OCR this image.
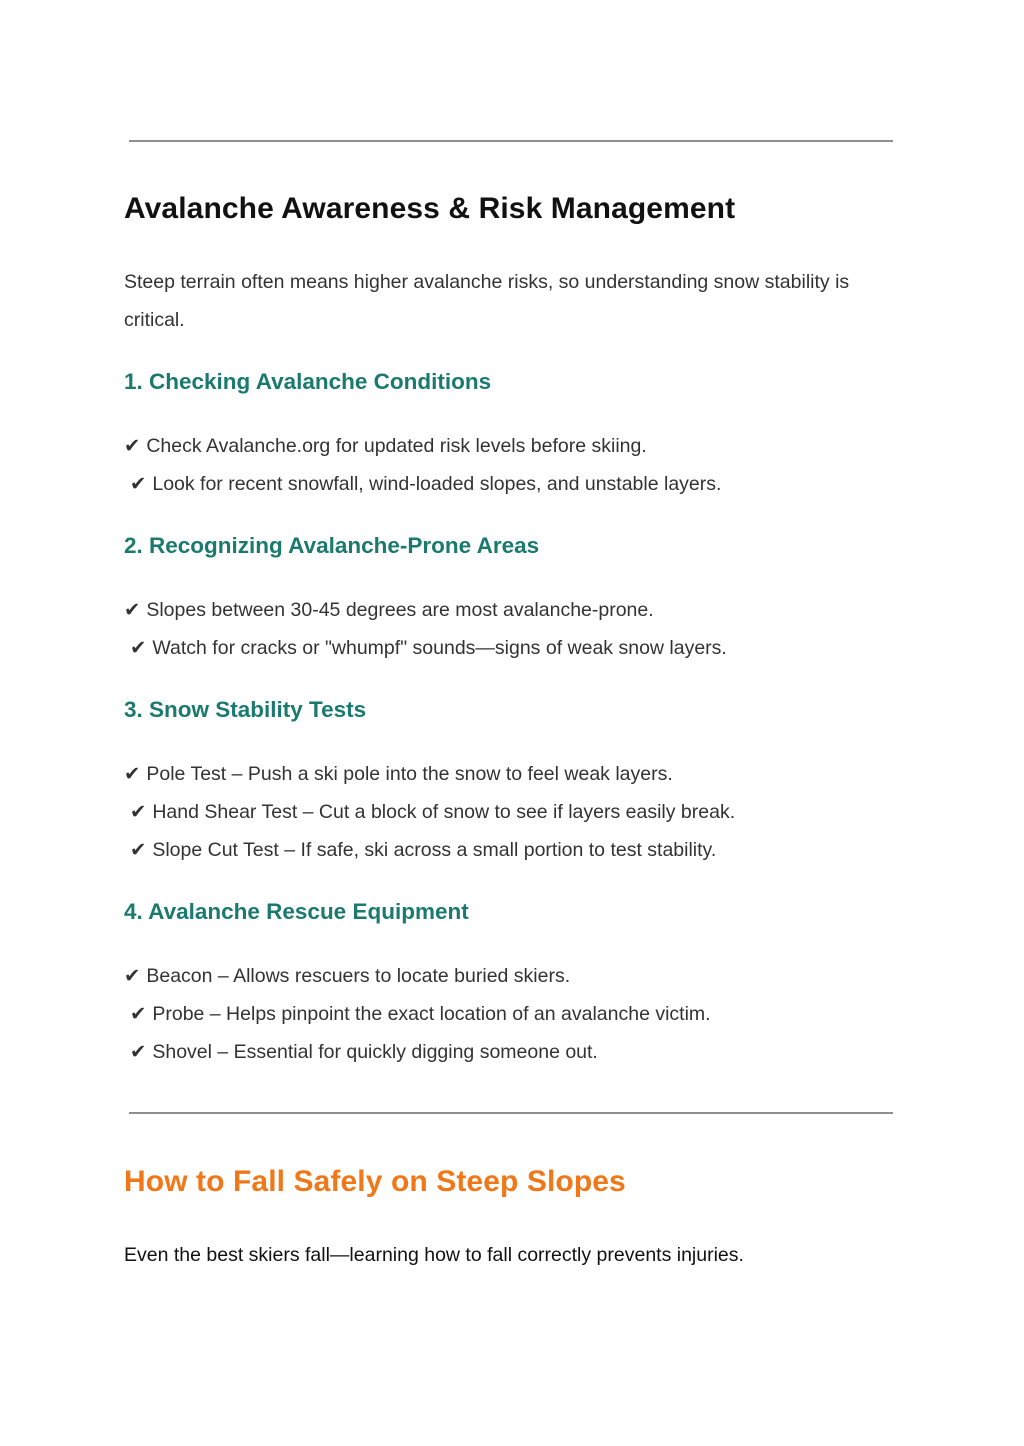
Avalanche Awareness & Risk Management
Steep terrain often means higher avalanche risks, so understanding snow stability is critical.
1. Checking Avalanche Conditions
✔ Check Avalanche.org for updated risk levels before skiing.
✔ Look for recent snowfall, wind-loaded slopes, and unstable layers.
2. Recognizing Avalanche-Prone Areas
✔ Slopes between 30-45 degrees are most avalanche-prone.
✔ Watch for cracks or "whumpf" sounds—signs of weak snow layers.
3. Snow Stability Tests
✔ Pole Test – Push a ski pole into the snow to feel weak layers.
✔ Hand Shear Test – Cut a block of snow to see if layers easily break.
✔ Slope Cut Test – If safe, ski across a small portion to test stability.
4. Avalanche Rescue Equipment
✔ Beacon – Allows rescuers to locate buried skiers.
✔ Probe – Helps pinpoint the exact location of an avalanche victim.
✔ Shovel – Essential for quickly digging someone out.
How to Fall Safely on Steep Slopes
Even the best skiers fall—learning how to fall correctly prevents injuries.
